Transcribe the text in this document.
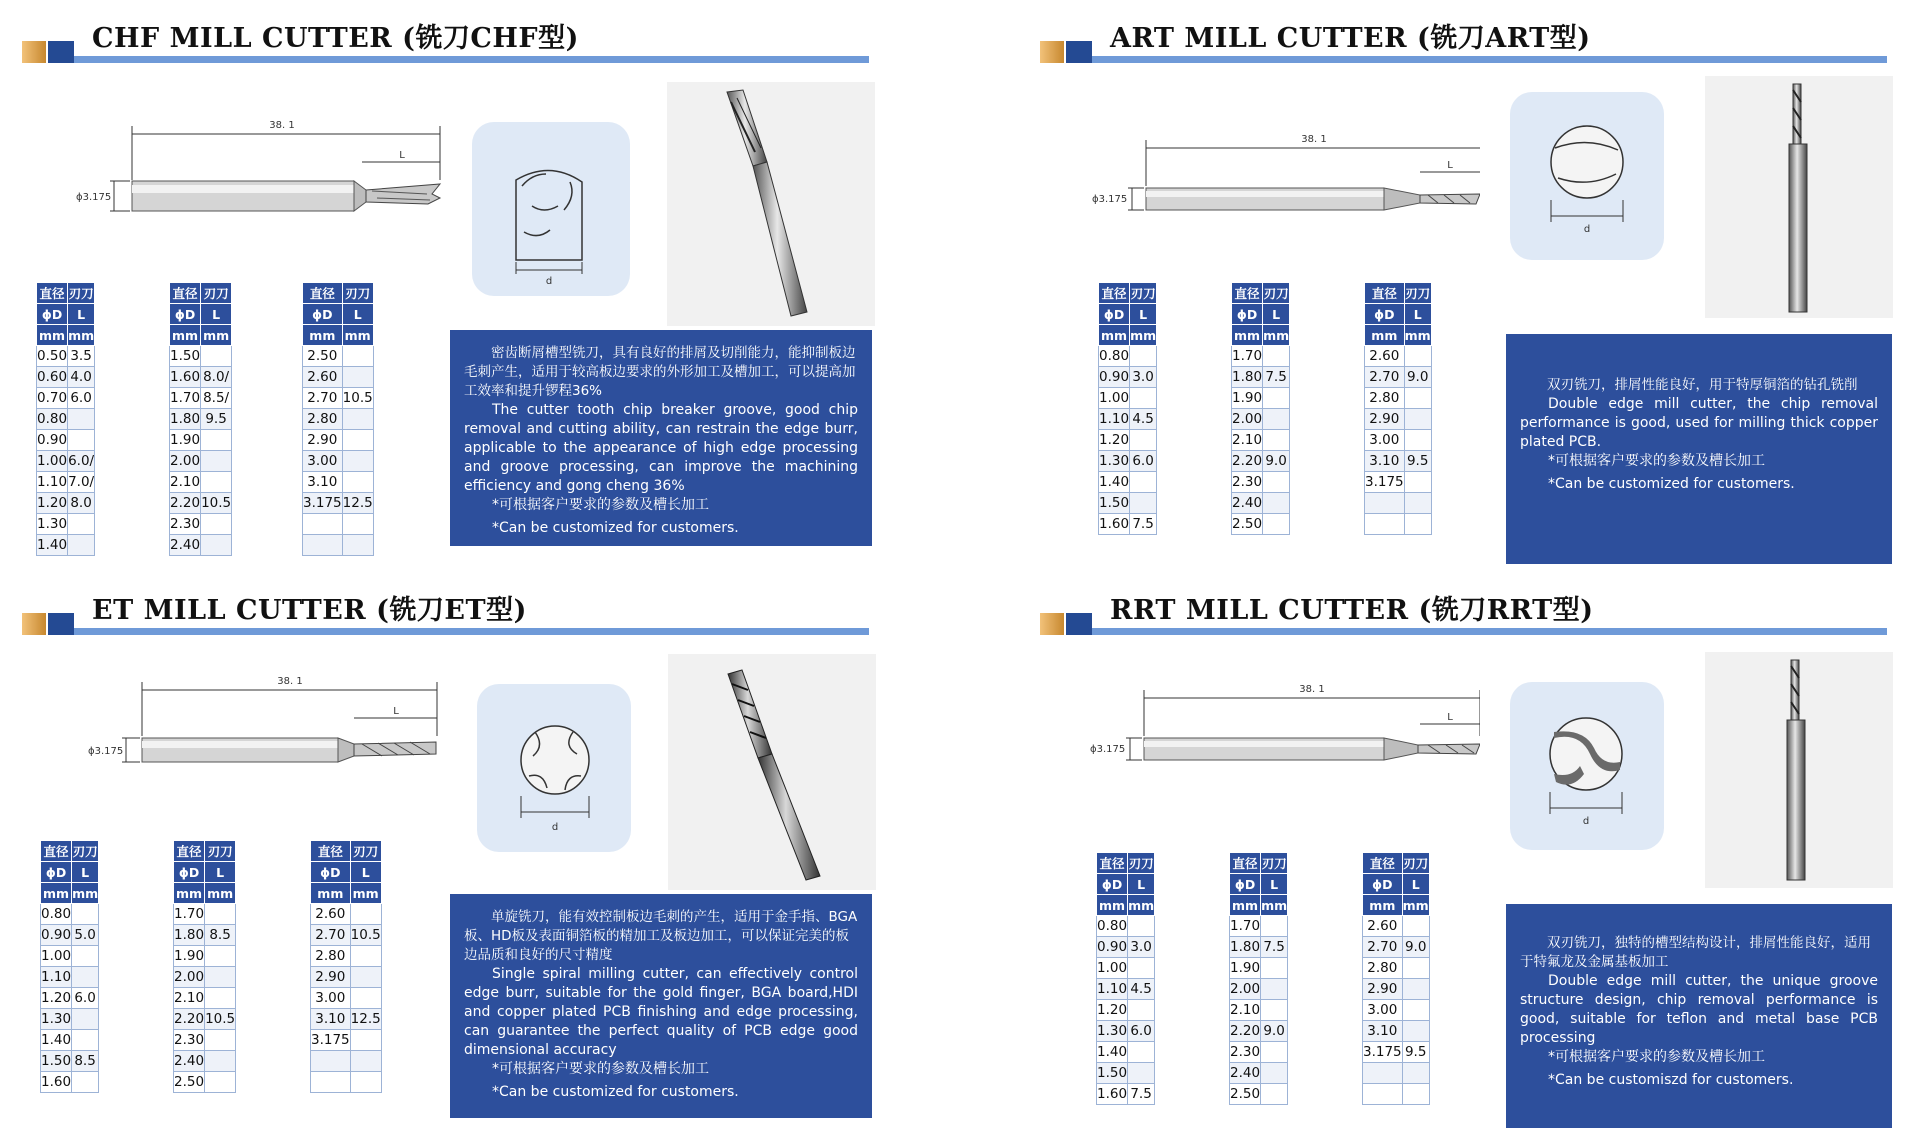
CHF MILL CUTTER (铣刀CHF型)
38. 1
L
ϕ3.175
d
直径	刃刀
ϕD	L
mm	mm
0.50	3.5
0.60	4.0
0.70	6.0
0.80	
0.90	
1.00	6.0/
1.10	7.0/
1.20	8.0
1.30	
1.40	
直径	刃刀
ϕD	L
mm	mm
1.50	
1.60	8.0/
1.70	8.5/
1.80	9.5
1.90	
2.00	
2.10	
2.20	10.5
2.30	
2.40	
直径	刃刀
ϕD	L
mm	mm
2.50	
2.60	
2.70	10.5
2.80	
2.90	
3.00	
3.10	
3.175	12.5

密齿断屑槽型铣刀，具有良好的排屑及切削能力，能抑制板边毛刺产生，适用于较高板边要求的外形加工及槽加工，可以提高加工效率和提升锣程36%

The cutter tooth chip breaker groove, good chip removal and cutting ability, can restrain the edge burr, applicable to the appearance of high edge processing and groove processing, can improve the machining efficiency and gong cheng 36%

*可根据客户要求的参数及槽长加工

*Can be customized for customers.

ART MILL CUTTER (铣刀ART型)
38. 1
L
ϕ3.175
d
直径	刃刀
ϕD	L
mm	mm
0.80	
0.90	3.0
1.00	
1.10	4.5
1.20	
1.30	6.0
1.40	
1.50	
1.60	7.5
直径	刃刀
ϕD	L
mm	mm
1.70	
1.80	7.5
1.90	
2.00	
2.10	
2.20	9.0
2.30	
2.40	
2.50	
直径	刃刀
ϕD	L
mm	mm
2.60	
2.70	9.0
2.80	
2.90	
3.00	
3.10	9.5
3.175	

双刃铣刀，排屑性能良好，用于特厚铜箔的钻孔铣削

Double edge mill cutter, the chip removal performance is good, used for milling thick copper plated PCB.

*可根据客户要求的参数及槽长加工

*Can be customized for customers.

ET MILL CUTTER (铣刀ET型)
38. 1
L
ϕ3.175
d
直径	刃刀
ϕD	L
mm	mm
0.80	
0.90	5.0
1.00	
1.10	
1.20	6.0
1.30	
1.40	
1.50	8.5
1.60	
直径	刃刀
ϕD	L
mm	mm
1.70	
1.80	8.5
1.90	
2.00	
2.10	
2.20	10.5
2.30	
2.40	
2.50	
直径	刃刀
ϕD	L
mm	mm
2.60	
2.70	10.5
2.80	
2.90	
3.00	
3.10	12.5
3.175	

单旋铣刀，能有效控制板边毛刺的产生，适用于金手指、BGA板、HD板及表面铜箔板的精加工及板边加工，可以保证完美的板边品质和良好的尺寸精度

Single spiral milling cutter, can effectively control edge burr, suitable for the gold finger, BGA board,HDI and copper plated PCB finishing and edge processing, can guarantee the perfect quality of PCB edge good dimensional accuracy

*可根据客户要求的参数及槽长加工

*Can be customized for customers.

RRT MILL CUTTER (铣刀RRT型)
38. 1
L
ϕ3.175
d
直径	刃刀
ϕD	L
mm	mm
0.80	
0.90	3.0
1.00	
1.10	4.5
1.20	
1.30	6.0
1.40	
1.50	
1.60	7.5
直径	刃刀
ϕD	L
mm	mm
1.70	
1.80	7.5
1.90	
2.00	
2.10	
2.20	9.0
2.30	
2.40	
2.50	
直径	刃刀
ϕD	L
mm	mm
2.60	
2.70	9.0
2.80	
2.90	
3.00	
3.10	
3.175	9.5

双刃铣刀，独特的槽型结构设计，排屑性能良好，适用于特氟龙及金属基板加工

Double edge mill cutter, the unique groove structure design, chip removal performance is good, suitable for teflon and metal base PCB processing

*可根据客户要求的参数及槽长加工

*Can be customiszd for customers.
